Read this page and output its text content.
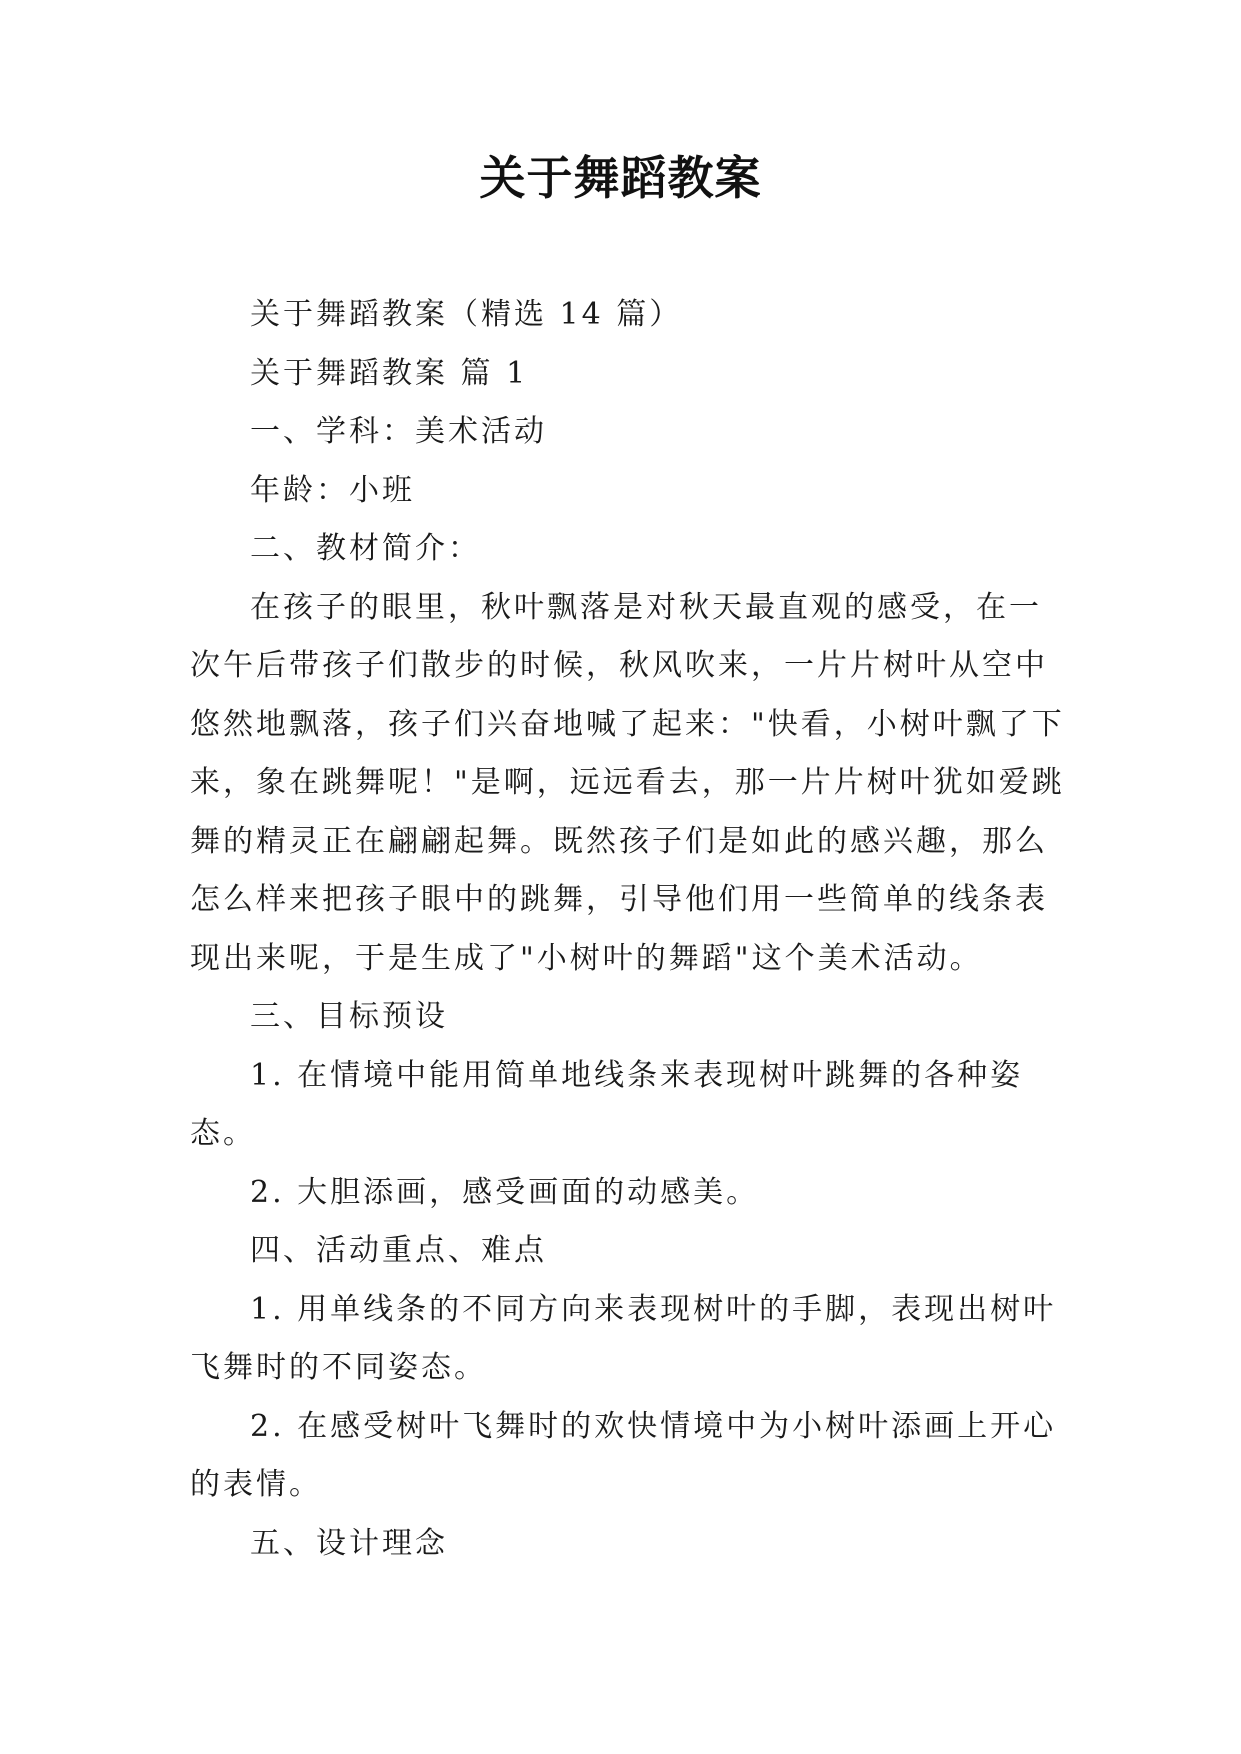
关于舞蹈教案

关于舞蹈教案（精选 14 篇）

关于舞蹈教案 篇 1

一、学科：美术活动

年龄：小班

二、教材简介：

在孩子的眼里，秋叶飘落是对秋天最直观的感受，在一次午后带孩子们散步的时候，秋风吹来，一片片树叶从空中悠然地飘落，孩子们兴奋地喊了起来："快看，小树叶飘了下来，象在跳舞呢！"是啊，远远看去，那一片片树叶犹如爱跳舞的精灵正在翩翩起舞。既然孩子们是如此的感兴趣，那么怎么样来把孩子眼中的跳舞，引导他们用一些简单的线条表现出来呢，于是生成了"小树叶的舞蹈"这个美术活动。

三、目标预设

1. 在情境中能用简单地线条来表现树叶跳舞的各种姿态。

2. 大胆添画，感受画面的动感美。

四、活动重点、难点

1. 用单线条的不同方向来表现树叶的手脚，表现出树叶飞舞时的不同姿态。

2. 在感受树叶飞舞时的欢快情境中为小树叶添画上开心的表情。

五、设计理念
